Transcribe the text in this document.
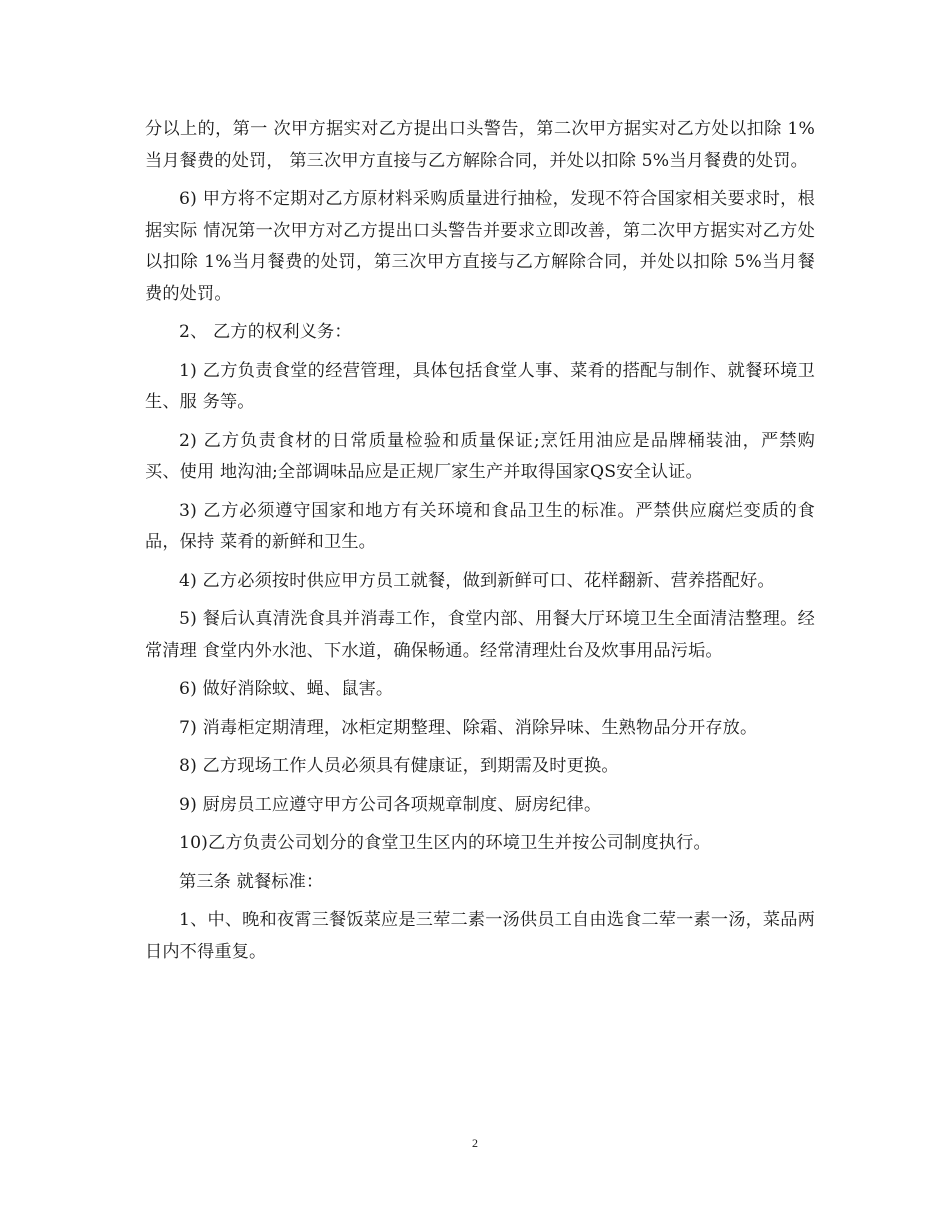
分以上的，第一 次甲方据实对乙方提出口头警告，第二次甲方据实对乙方处以扣除 1%当月餐费的处罚， 第三次甲方直接与乙方解除合同，并处以扣除 5%当月餐费的处罚。

6) 甲方将不定期对乙方原材料采购质量进行抽检，发现不符合国家相关要求时，根据实际 情况第一次甲方对乙方提出口头警告并要求立即改善，第二次甲方据实对乙方处以扣除 1%当月餐费的处罚，第三次甲方直接与乙方解除合同，并处以扣除 5%当月餐费的处罚。

2、 乙方的权利义务：

1) 乙方负责食堂的经营管理，具体包括食堂人事、菜肴的搭配与制作、就餐环境卫生、服 务等。

2) 乙方负责食材的日常质量检验和质量保证;烹饪用油应是品牌桶装油，严禁购买、使用 地沟油;全部调味品应是正规厂家生产并取得国家QS安全认证。

3) 乙方必须遵守国家和地方有关环境和食品卫生的标准。严禁供应腐烂变质的食品，保持 菜肴的新鲜和卫生。

4) 乙方必须按时供应甲方员工就餐，做到新鲜可口、花样翻新、营养搭配好。

5) 餐后认真清洗食具并消毒工作，食堂内部、用餐大厅环境卫生全面清洁整理。经常清理 食堂内外水池、下水道，确保畅通。经常清理灶台及炊事用品污垢。

6) 做好消除蚊、蝇、鼠害。

7) 消毒柜定期清理，冰柜定期整理、除霜、消除异味、生熟物品分开存放。

8) 乙方现场工作人员必须具有健康证，到期需及时更换。

9) 厨房员工应遵守甲方公司各项规章制度、厨房纪律。

10)乙方负责公司划分的食堂卫生区内的环境卫生并按公司制度执行。

第三条 就餐标准：

1、中、晚和夜霄三餐饭菜应是三荤二素一汤供员工自由选食二荤一素一汤，菜品两日内不得重复。

2
